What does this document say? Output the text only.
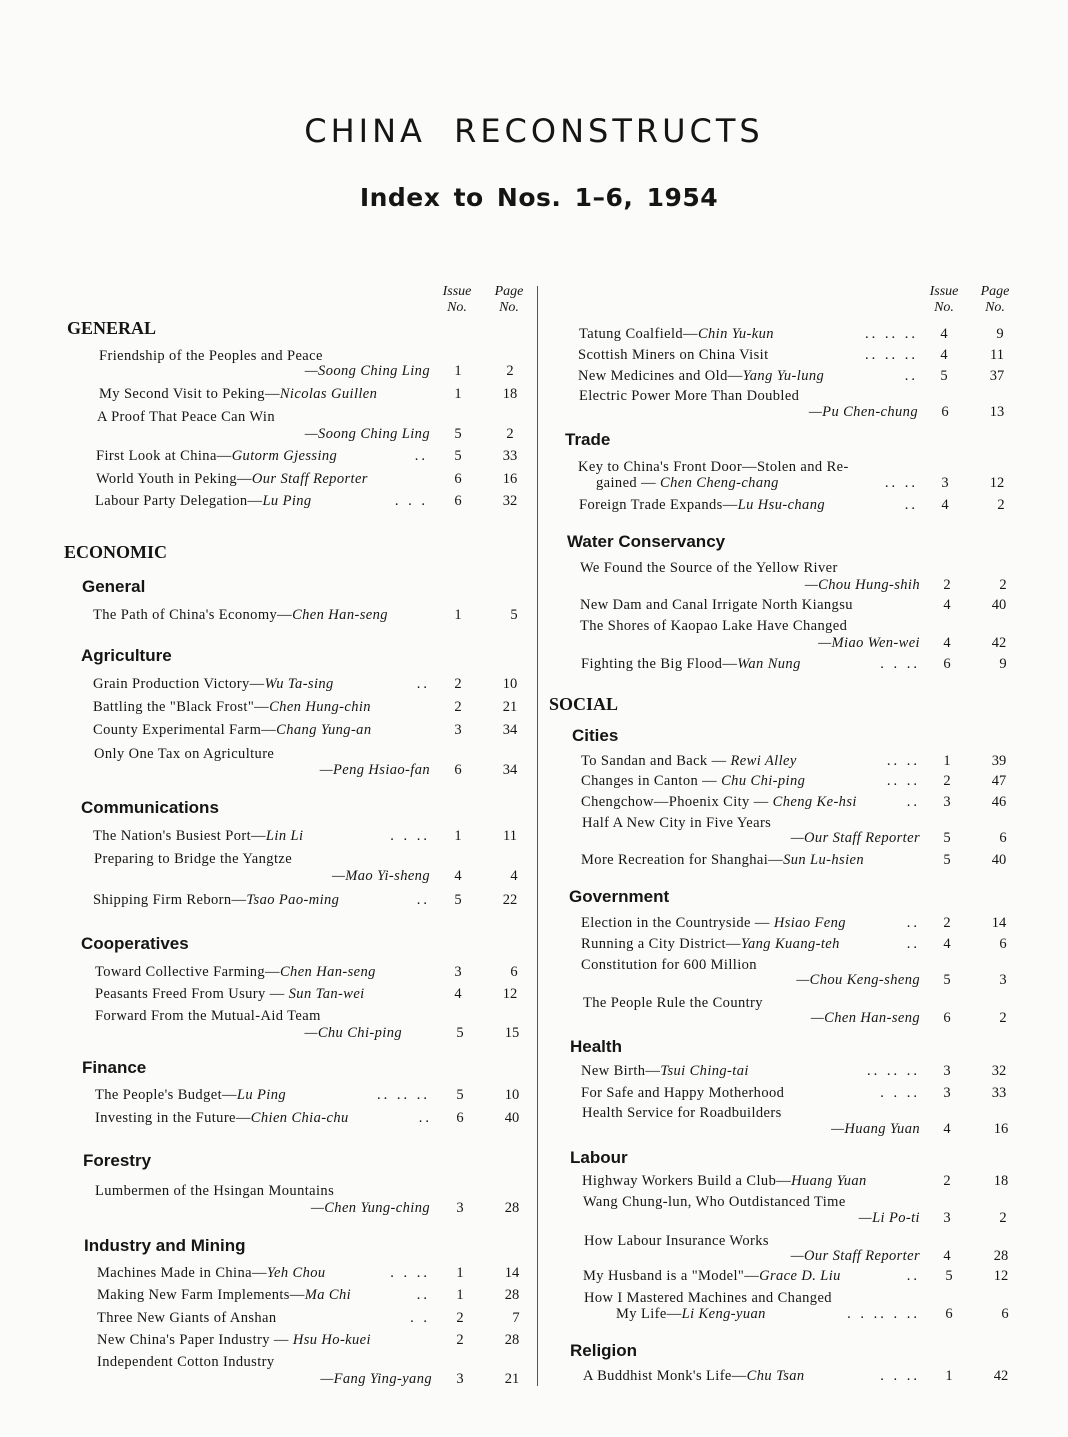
CHINA RECONSTRUCTS
Index to Nos. 1–6, 1954
Issue
No.
Page
No.
GENERAL
Friendship of the Peoples and Peace
—Soong Ching Ling	1	2
My Second Visit to Peking—Nicolas Guillen	1	18
A Proof That Peace Can Win
—Soong Ching Ling	5	2
First Look at China—Gutorm Gjessing	..	5	33
World Youth in Peking—Our Staff Reporter	6	16
Labour Party Delegation—Lu Ping	. . .	6	32
ECONOMIC
General
The Path of China's Economy—Chen Han-seng	1	5
Agriculture
Grain Production Victory—Wu Ta-sing	..	2	10
Battling the "Black Frost"—Chen Hung-chin	2	21
County Experimental Farm—Chang Yung-an	3	34
Only One Tax on Agriculture
—Peng Hsiao-fan	6	34
Communications
The Nation's Busiest Port—Lin Li	. . ..	1	11
Preparing to Bridge the Yangtze
—Mao Yi-sheng	4	4
Shipping Firm Reborn—Tsao Pao-ming	..	5	22
Cooperatives
Toward Collective Farming—Chen Han-seng	3	6
Peasants Freed From Usury — Sun Tan-wei	4	12
Forward From the Mutual-Aid Team
—Chu Chi-ping	5	15
Finance
The People's Budget—Lu Ping	.. .. ..	5	10
Investing in the Future—Chien Chia-chu	..	6	40
Forestry
Lumbermen of the Hsingan Mountains
—Chen Yung-ching	3	28
Industry and Mining
Machines Made in China—Yeh Chou	. . ..	1	14
Making New Farm Implements—Ma Chi	..	1	28
Three New Giants of Anshan	. .	2	7
New China's Paper Industry — Hsu Ho-kuei	2	28
Independent Cotton Industry
—Fang Ying-yang	3	21
Issue
No.
Page
No.
Tatung Coalfield—Chin Yu-kun	.. .. ..	4	9
Scottish Miners on China Visit	.. .. ..	4	11
New Medicines and Old—Yang Yu-lung	..	5	37
Electric Power More Than Doubled
—Pu Chen-chung	6	13
Trade
Key to China's Front Door—Stolen and Re-
gained — Chen Cheng-chang	.. ..	3	12
Foreign Trade Expands—Lu Hsu-chang	..	4	2
Water Conservancy
We Found the Source of the Yellow River
—Chou Hung-shih	2	2
New Dam and Canal Irrigate North Kiangsu	4	40
The Shores of Kaopao Lake Have Changed
—Miao Wen-wei	4	42
Fighting the Big Flood—Wan Nung	. . ..	6	9
SOCIAL
Cities
To Sandan and Back — Rewi Alley	.. ..	1	39
Changes in Canton — Chu Chi-ping	.. ..	2	47
Chengchow—Phoenix City — Cheng Ke-hsi	..	3	46
Half A New City in Five Years
—Our Staff Reporter	5	6
More Recreation for Shanghai—Sun Lu-hsien	5	40
Government
Election in the Countryside — Hsiao Feng	..	2	14
Running a City District—Yang Kuang-teh	..	4	6
Constitution for 600 Million
—Chou Keng-sheng	5	3
The People Rule the Country
—Chen Han-seng	6	2
Health
New Birth—Tsui Ching-tai	.. .. ..	3	32
For Safe and Happy Motherhood	. . ..	3	33
Health Service for Roadbuilders
—Huang Yuan	4	16
Labour
Highway Workers Build a Club—Huang Yuan	2	18
Wang Chung-lun, Who Outdistanced Time
—Li Po-ti	3	2
How Labour Insurance Works
—Our Staff Reporter	4	28
My Husband is a "Model"—Grace D. Liu	..	5	12
How I Mastered Machines and Changed
My Life—Li Keng-yuan	. . .. . ..	6	6
Religion
A Buddhist Monk's Life—Chu Tsan	. . ..	1	42
